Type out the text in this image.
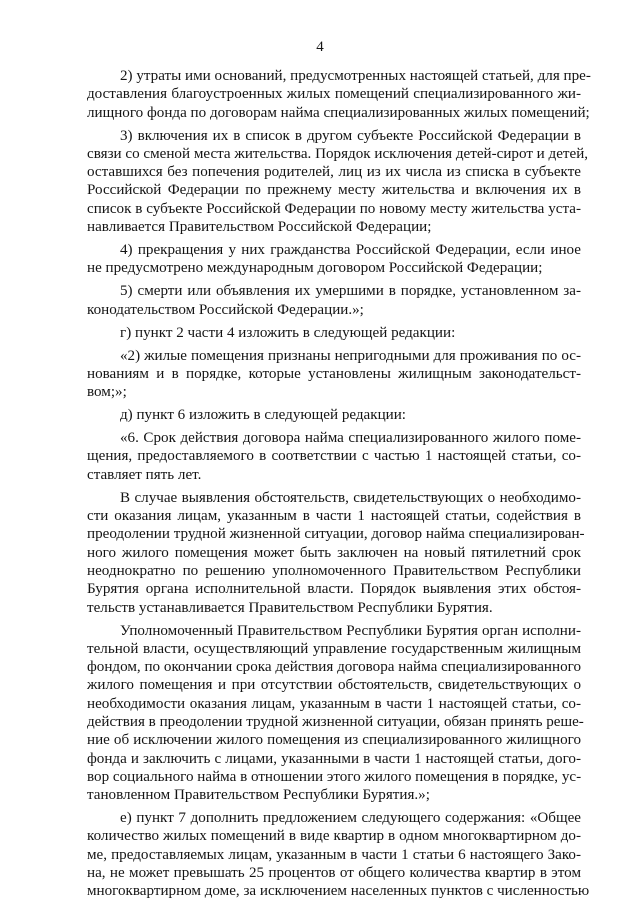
4
2) утраты ими оснований, предусмотренных настоящей статьей, для пре-
доставления благоустроенных жилых помещений специализированного жи-
лищного фонда по договорам найма специализированных жилых помещений;
3) включения их в список в другом субъекте Российской Федерации в
связи со сменой места жительства. Порядок исключения детей-сирот и детей,
оставшихся без попечения родителей, лиц из их числа из списка в субъекте
Российской Федерации по прежнему месту жительства и включения их в
список в субъекте Российской Федерации по новому месту жительства уста-
навливается Правительством Российской Федерации;
4) прекращения у них гражданства Российской Федерации, если иное
не предусмотрено международным договором Российской Федерации;
5) смерти или объявления их умершими в порядке, установленном за-
конодательством Российской Федерации.»;
г) пункт 2 части 4 изложить в следующей редакции:
«2) жилые помещения признаны непригодными для проживания по ос-
нованиям и в порядке, которые установлены жилищным законодательст-
вом;»;
д) пункт 6 изложить в следующей редакции:
«6. Срок действия договора найма специализированного жилого поме-
щения, предоставляемого в соответствии с частью 1 настоящей статьи, со-
ставляет пять лет.
В случае выявления обстоятельств, свидетельствующих о необходимо-
сти оказания лицам, указанным в части 1 настоящей статьи, содействия в
преодолении трудной жизненной ситуации, договор найма специализирован-
ного жилого помещения может быть заключен на новый пятилетний срок
неоднократно по решению уполномоченного Правительством Республики
Бурятия органа исполнительной власти. Порядок выявления этих обстоя-
тельств устанавливается Правительством Республики Бурятия.
Уполномоченный Правительством Республики Бурятия орган исполни-
тельной власти, осуществляющий управление государственным жилищным
фондом, по окончании срока действия договора найма специализированного
жилого помещения и при отсутствии обстоятельств, свидетельствующих о
необходимости оказания лицам, указанным в части 1 настоящей статьи, со-
действия в преодолении трудной жизненной ситуации, обязан принять реше-
ние об исключении жилого помещения из специализированного жилищного
фонда и заключить с лицами, указанными в части 1 настоящей статьи, дого-
вор социального найма в отношении этого жилого помещения в порядке, ус-
тановленном Правительством Республики Бурятия.»;
е) пункт 7 дополнить предложением следующего содержания: «Общее
количество жилых помещений в виде квартир в одном многоквартирном до-
ме, предоставляемых лицам, указанным в части 1 статьи 6 настоящего Зако-
на, не может превышать 25 процентов от общего количества квартир в этом
многоквартирном доме, за исключением населенных пунктов с численностью
